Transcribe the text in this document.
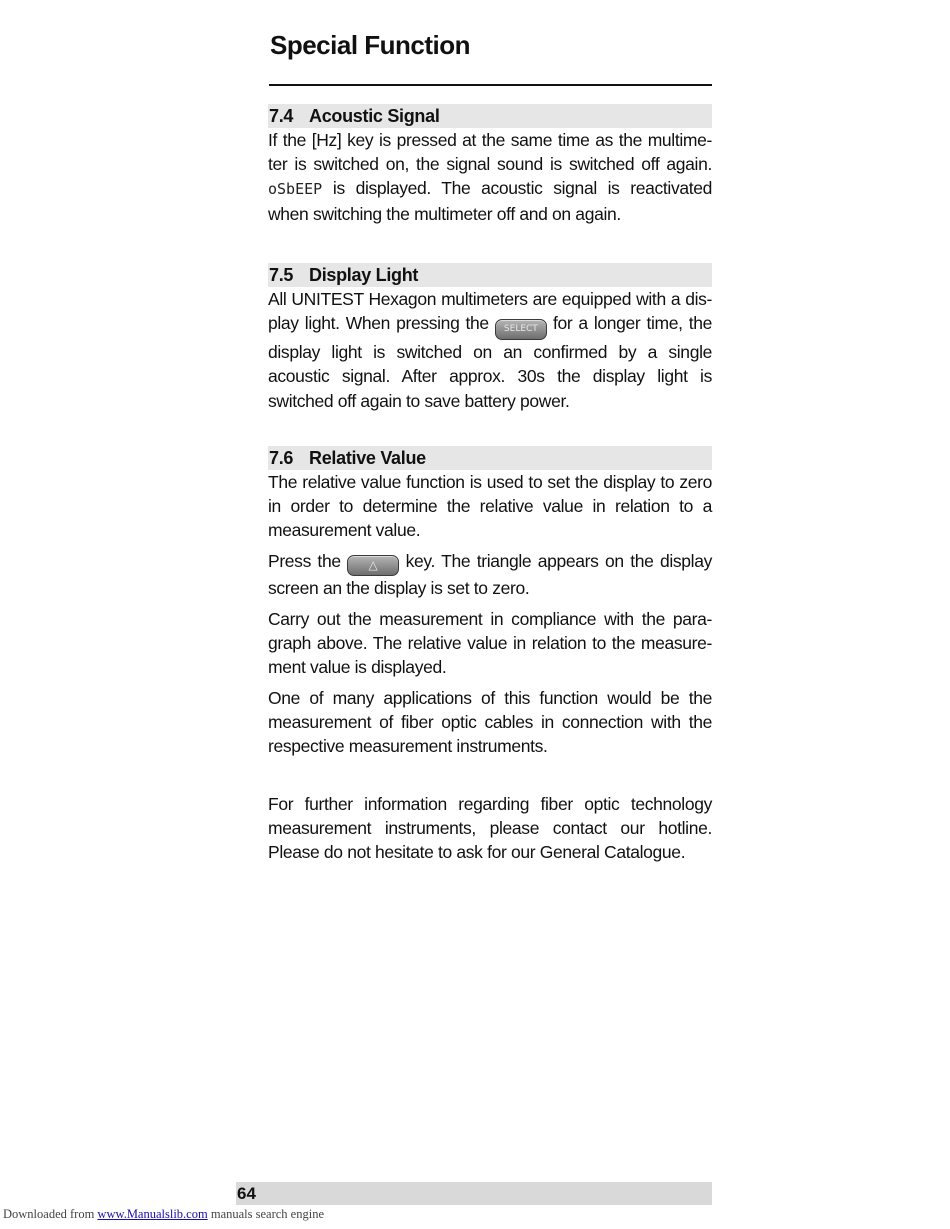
Special Function
7.4 Acoustic Signal

If the [Hz] key is pressed at the same time as the multime-ter is switched on, the signal sound is switched off again. oSbEEP is displayed. The acoustic signal is reactivated when switching the multimeter off and on again.

7.5 Display Light

All UNITEST Hexagon multimeters are equipped with a dis-play light. When pressing the SELECT for a longer time, the display light is switched on an confirmed by a single acoustic signal. After approx. 30s the display light is switched off again to save battery power.

7.6 Relative Value

The relative value function is used to set the display to zero in order to determine the relative value in relation to a measurement value.

Press the △ key. The triangle appears on the display screen an the display is set to zero.

Carry out the measurement in compliance with the para-graph above. The relative value in relation to the measure-ment value is displayed.

One of many applications of this function would be the measurement of fiber optic cables in connection with the respective measurement instruments.

For further information regarding fiber optic technology measurement instruments, please contact our hotline. Please do not hesitate to ask for our General Catalogue.

64
Downloaded from www.Manualslib.com manuals search engine
